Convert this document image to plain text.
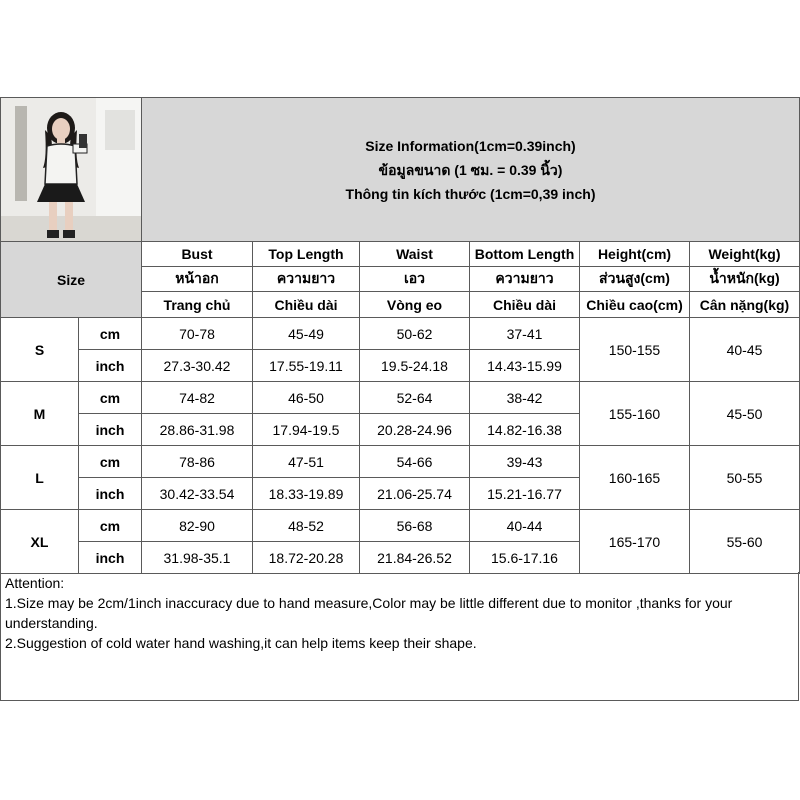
Size Information(1cm=0.39inch)
ข้อมูลขนาด (1 ซม. = 0.39 นิ้ว)
Thông tin kích thước (1cm=0,39 inch)					

Size		Bust	Top Length	Waist	Bottom Length	Height(cm)	Weight(kg)
		หน้าอก	ความยาว	เอว	ความยาว	ส่วนสูง(cm)	น้ำหนัก(kg)
		Trang chủ	Chiều dài	Vòng eo	Chiều dài	Chiều cao(cm)	Cân nặng(kg)
S	cm	70-78	45-49	50-62	37-41	150-155	40-45
	inch	27.3-30.42	17.55-19.11	19.5-24.18	14.43-15.99		
M	cm	74-82	46-50	52-64	38-42	155-160	45-50
	inch	28.86-31.98	17.94-19.5	20.28-24.96	14.82-16.38		
L	cm	78-86	47-51	54-66	39-43	160-165	50-55
	inch	30.42-33.54	18.33-19.89	21.06-25.74	15.21-16.77		
XL	cm	82-90	48-52	56-68	40-44	165-170	55-60
	inch	31.98-35.1	18.72-20.28	21.84-26.52	15.6-17.16		
Attention:
1.Size may be 2cm/1inch inaccuracy due to hand measure,Color may be little different due to monitor ,thanks for your understanding.
2.Suggestion of cold water hand washing,it can help items keep their shape.
